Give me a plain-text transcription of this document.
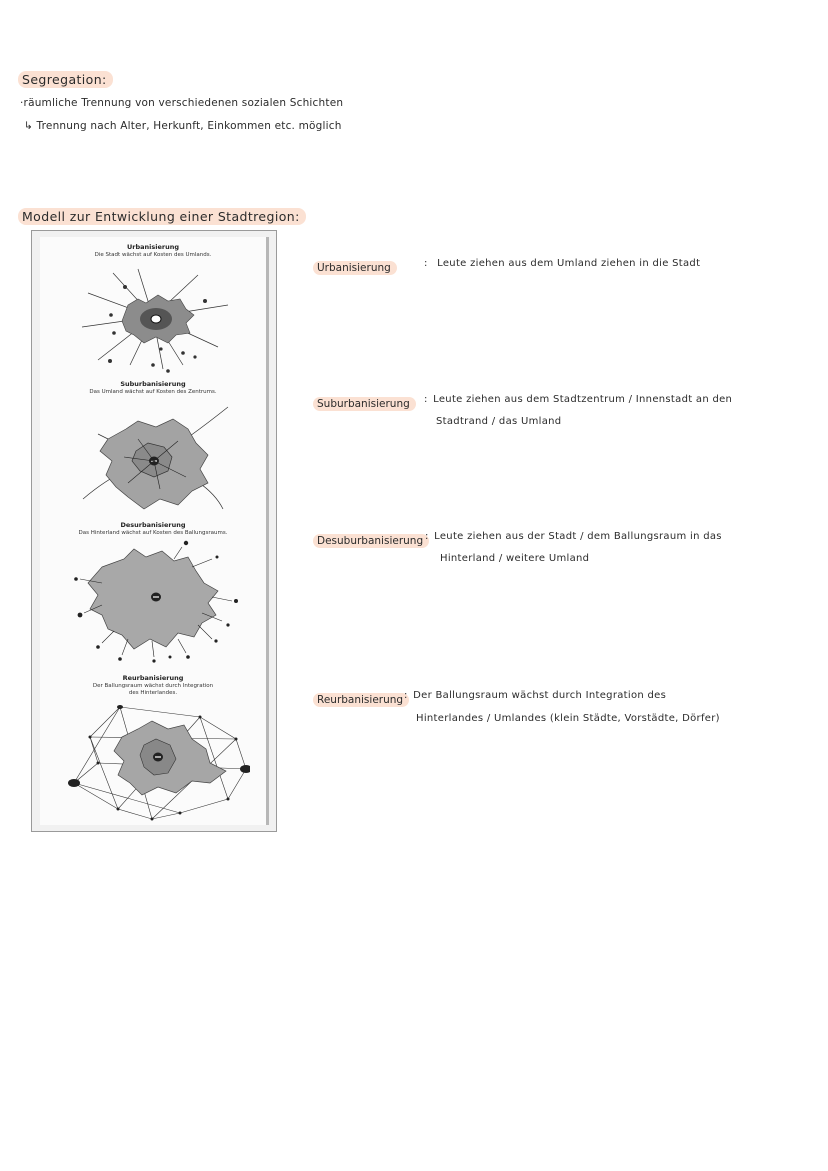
Segregation:
·räumliche Trennung von verschiedenen sozialen Schichten
↳ Trennung nach Alter, Herkunft, Einkommen etc. möglich
Modell zur Entwicklung einer Stadtregion:
Urbanisierung
Die Stadt wächst auf Kosten des Umlands.
Suburbanisierung
Das Umland wächst auf Kosten des Zentrums.
Desurbanisierung
Das Hinterland wächst auf Kosten des Ballungsraums.
Reurbanisierung
Der Ballungsraum wächst durch Integration
des Hinterlandes.
Urbanisierung	: Leute ziehen aus dem Umland ziehen in die Stadt
Suburbanisierung	: Leute ziehen aus dem Stadtzentrum / Innenstadt an den
Stadtrand / das Umland
Desuburbanisierung : Leute ziehen aus der Stadt / dem Ballungsraum in das
Hinterland / weitere Umland
Reurbanisierung : Der Ballungsraum wächst durch Integration des
Hinterlandes / Umlandes (klein Städte, Vorstädte, Dörfer)
